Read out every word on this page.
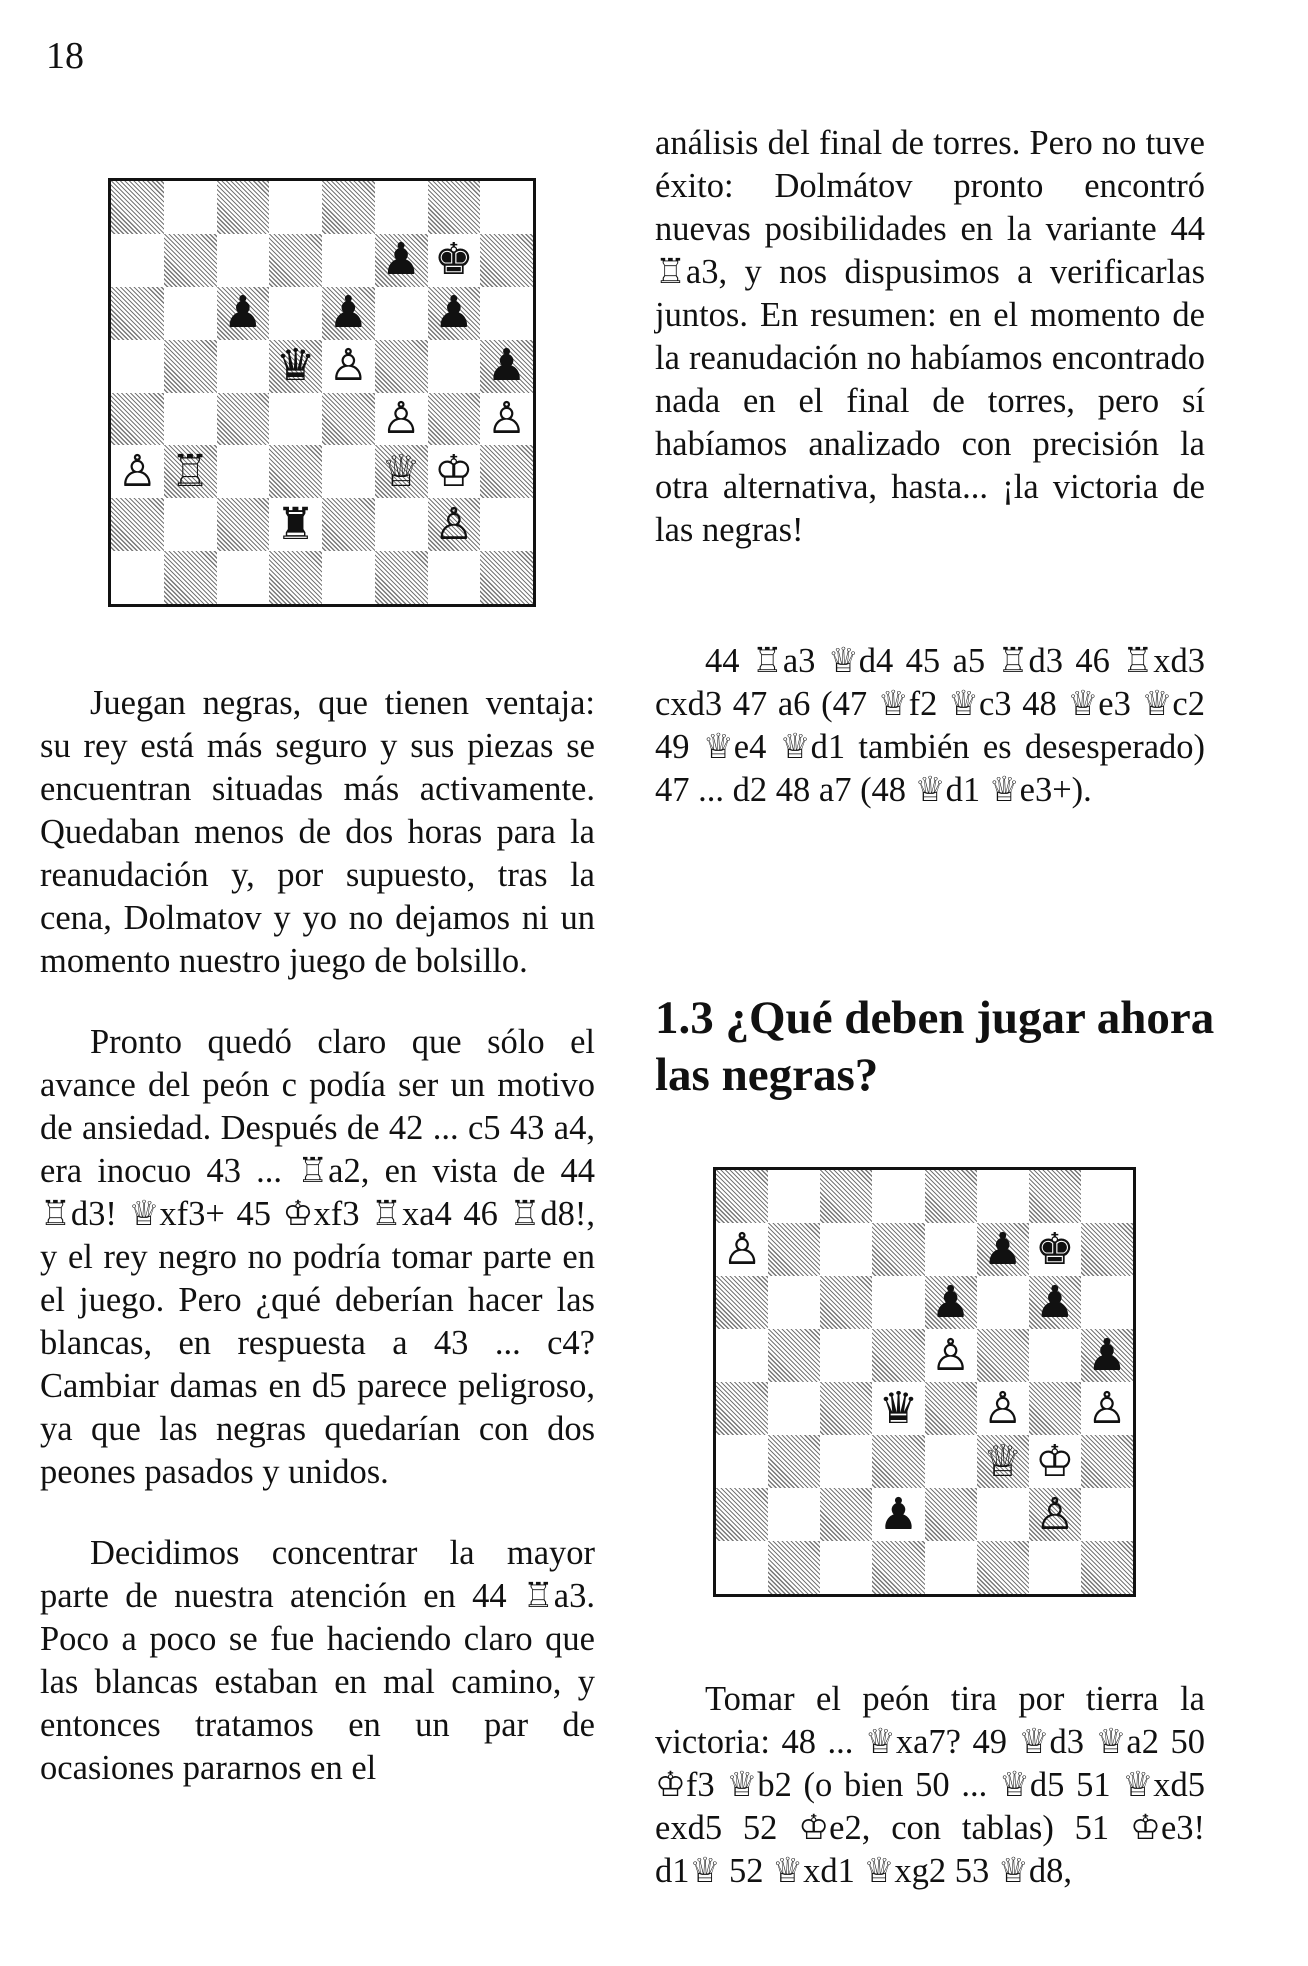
18
♟ ♚
♟ ♟ ♟
♛ ♙	♟
♙ ♙
♙ ♖	♕ ♔
♜	♙

Juegan negras, que tienen ventaja: su rey está más seguro y sus piezas se encuentran situadas más activamente. Quedaban menos de dos horas para la reanudación y, por supuesto, tras la cena, Dolmatov y yo no dejamos ni un momento nuestro juego de bolsillo.

Pronto quedó claro que sólo el avance del peón c podía ser un motivo de ansiedad. Después de 42 ... c5 43 a4, era inocuo 43 ... ♖a2, en vista de 44 ♖d3! ♕xf3+ 45 ♔xf3 ♖xa4 46 ♖d8!, y el rey negro no podría tomar parte en el juego. Pero ¿qué deberían hacer las blancas, en respuesta a 43 ... c4? Cambiar damas en d5 parece peligroso, ya que las negras quedarían con dos peones pasados y unidos.

Decidimos concentrar la mayor parte de nuestra atención en 44 ♖a3. Poco a poco se fue haciendo claro que las blancas estaban en mal camino, y entonces tratamos en un par de ocasiones pararnos en el

análisis del final de torres. Pero no tuve éxito: Dolmátov pronto encontró nuevas posibilidades en la variante 44 ♖a3, y nos dispusimos a verificarlas juntos. En resumen: en el momento de la reanudación no habíamos encontrado nada en el final de torres, pero sí habíamos analizado con precisión la otra alternativa, hasta... ¡la victoria de las negras!

44 ♖a3 ♕d4 45 a5 ♖d3 46 ♖xd3 cxd3 47 a6 (47 ♕f2 ♕c3 48 ♕e3 ♕c2 49 ♕e4 ♕d1 también es desesperado) 47 ... d2 48 a7 (48 ♕d1 ♕e3+).

1.3 ¿Qué deben jugar ahora las negras?
♙	♟ ♚
♟ ♟
♙	♟
♛ ♙ ♙
♕ ♔
♟	♙

Tomar el peón tira por tierra la victoria: 48 ... ♕xa7? 49 ♕d3 ♕a2 50 ♔f3 ♕b2 (o bien 50 ... ♕d5 51 ♕xd5 exd5 52 ♔e2, con tablas) 51 ♔e3! d1♕ 52 ♕xd1 ♕xg2 53 ♕d8,
